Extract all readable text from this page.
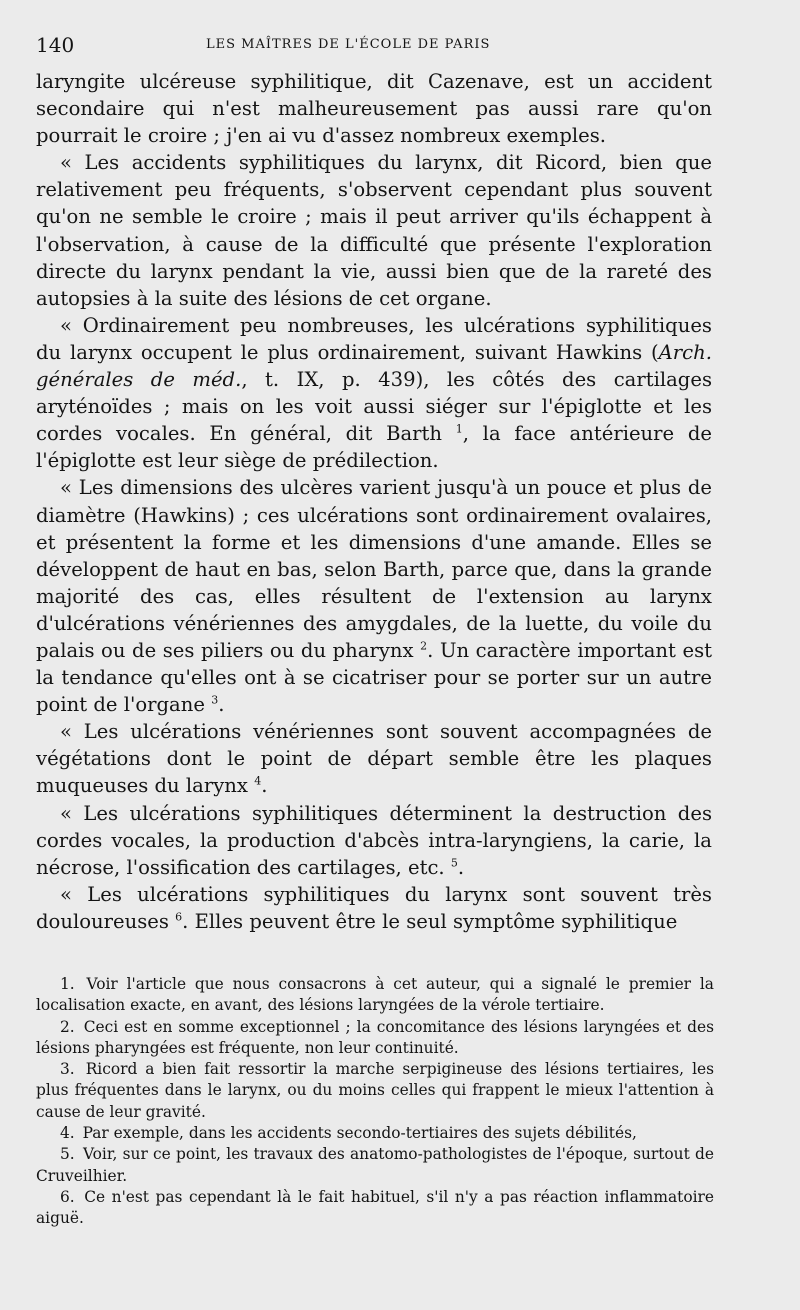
140	LES MAÎTRES DE L'ÉCOLE DE PARIS

laryngite ulcéreuse syphilitique, dit Cazenave, est un accident secondaire qui n'est malheureusement pas aussi rare qu'on pourrait le croire ; j'en ai vu d'assez nombreux exemples.

« Les accidents syphilitiques du larynx, dit Ricord, bien que relativement peu fréquents, s'observent cependant plus souvent qu'on ne semble le croire ; mais il peut arriver qu'ils échappent à l'observation, à cause de la difficulté que présente l'exploration directe du larynx pendant la vie, aussi bien que de la rareté des autopsies à la suite des lésions de cet organe.

« Ordinairement peu nombreuses, les ulcérations syphilitiques du larynx occupent le plus ordinairement, suivant Hawkins (Arch. générales de méd., t. IX, p. 439), les côtés des cartilages aryténoïdes ; mais on les voit aussi siéger sur l'épiglotte et les cordes vocales. En général, dit Barth $^1$, la face antérieure de l'épiglotte est leur siège de prédilection.

« Les dimensions des ulcères varient jusqu'à un pouce et plus de diamètre (Hawkins) ; ces ulcérations sont ordinairement ovalaires, et présentent la forme et les dimensions d'une amande. Elles se développent de haut en bas, selon Barth, parce que, dans la grande majorité des cas, elles résultent de l'extension au larynx d'ulcérations vénériennes des amygdales, de la luette, du voile du palais ou de ses piliers ou du pharynx $^2$. Un caractère important est la tendance qu'elles ont à se cicatriser pour se porter sur un autre point de l'organe $^3$.

« Les ulcérations vénériennes sont souvent accompagnées de végétations dont le point de départ semble être les plaques muqueuses du larynx $^4$.

« Les ulcérations syphilitiques déterminent la destruction des cordes vocales, la production d'abcès intra-laryngiens, la carie, la nécrose, l'ossification des cartilages, etc. $^5$.

« Les ulcérations syphilitiques du larynx sont souvent très douloureuses $^6$. Elles peuvent être le seul symptôme syphilitique

1. Voir l'article que nous consacrons à cet auteur, qui a signalé le premier la localisation exacte, en avant, des lésions laryngées de la vérole tertiaire.

2. Ceci est en somme exceptionnel ; la concomitance des lésions laryngées et des lésions pharyngées est fréquente, non leur continuité.

3. Ricord a bien fait ressortir la marche serpigineuse des lésions tertiaires, les plus fréquentes dans le larynx, ou du moins celles qui frappent le mieux l'attention à cause de leur gravité.

4. Par exemple, dans les accidents secondo-tertiaires des sujets débilités,

5. Voir, sur ce point, les travaux des anatomo-pathologistes de l'époque, surtout de Cruveilhier.

6. Ce n'est pas cependant là le fait habituel, s'il n'y a pas réaction inflammatoire aiguë.
